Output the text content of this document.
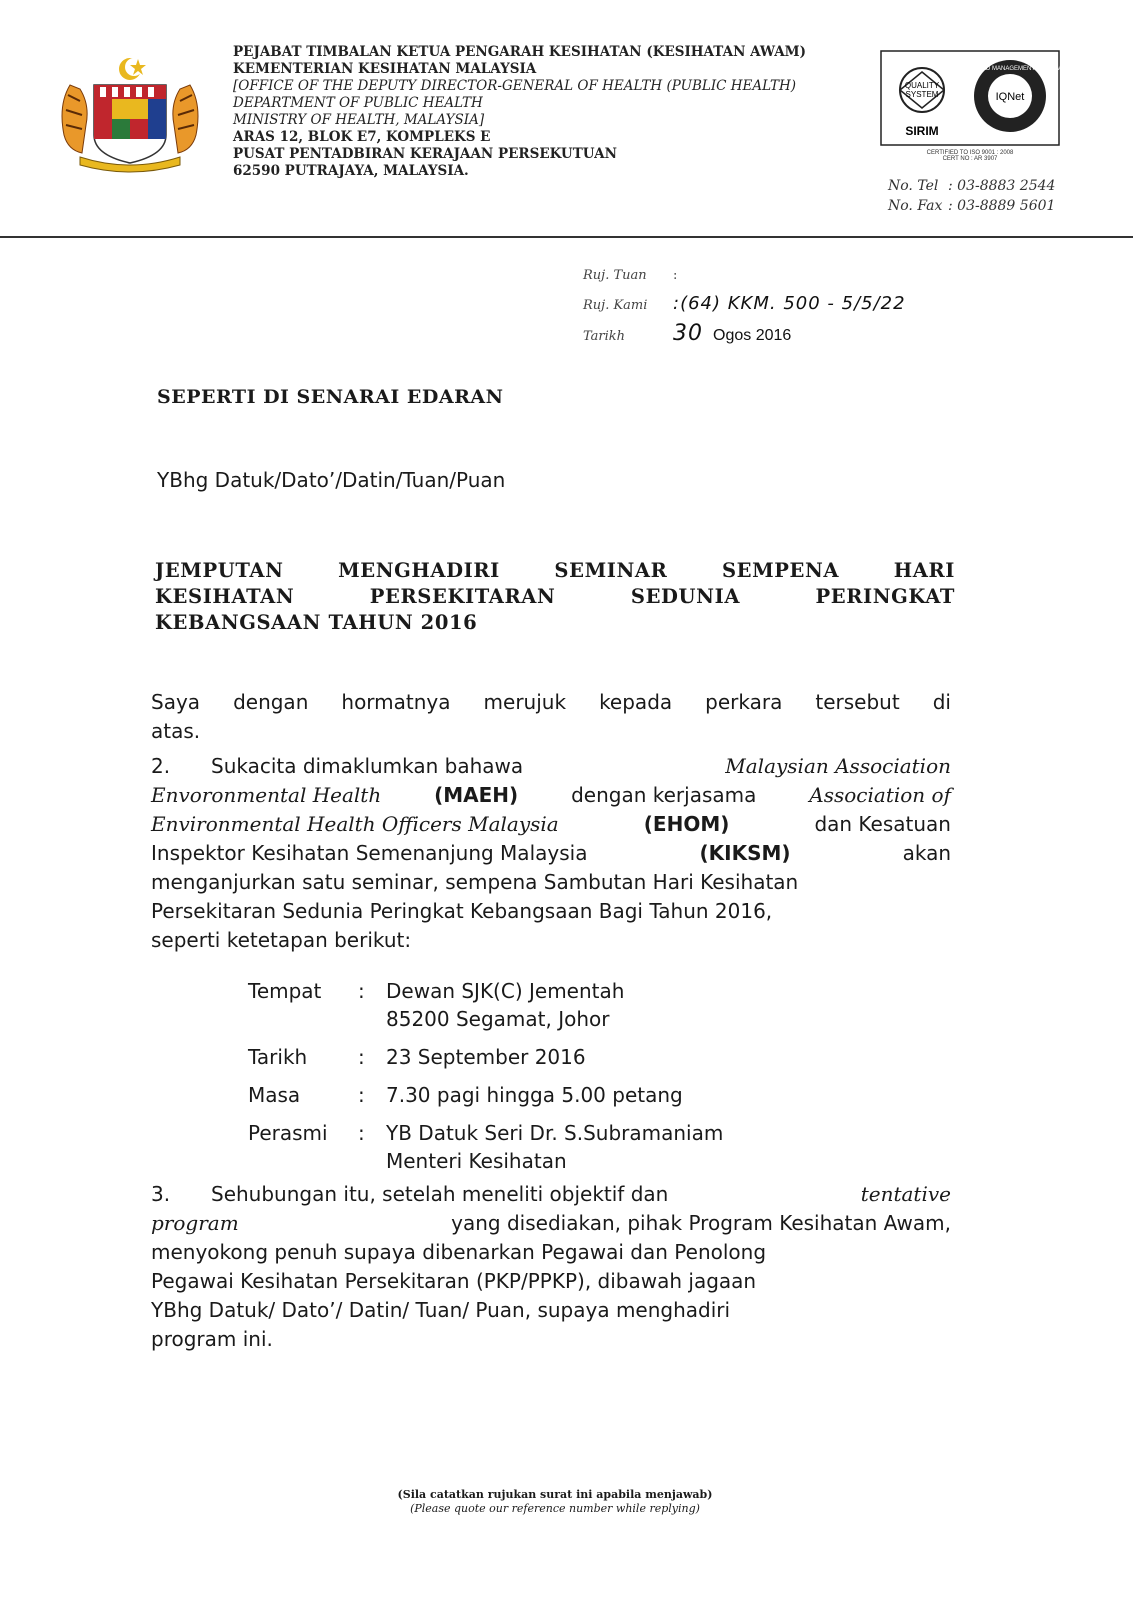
PEJABAT TIMBALAN KETUA PENGARAH KESIHATAN (KESIHATAN AWAM)
KEMENTERIAN KESIHATAN MALAYSIA
[OFFICE OF THE DEPUTY DIRECTOR-GENERAL OF HEALTH (PUBLIC HEALTH)
DEPARTMENT OF PUBLIC HEALTH
MINISTRY OF HEALTH, MALAYSIA]
ARAS 12, BLOK E7, KOMPLEKS E
PUSAT PENTADBIRAN KERAJAAN PERSEKUTUAN
62590 PUTRAJAYA, MALAYSIA.
QUALITY
SYSTEM
SIRIM
IQNet
CERTIFIED MANAGEMENT SYSTEM
CERTIFIED TO ISO 9001 : 2008
CERT NO : AR 3907
No. Tel : 03-8883 2544
No. Fax : 03-8889 5601
Ruj. Tuan :
Ruj. Kami :(64) KKM. 500 - 5/5/22
Tarikh 30 Ogos 2016
SEPERTI DI SENARAI EDARAN
YBhg Datuk/Dato’/Datin/Tuan/Puan
JEMPUTAN	MENGHADIRI	SEMINAR	SEMPENA	HARI
KESIHATAN	PERSEKITARAN	SEDUNIA	PERINGKAT
KEBANGSAAN TAHUN 2016
Saya dengan hormatnya merujuk kepada perkara tersebut di
atas.
2. Sukacita dimaklumkan bahawa	Malaysian Association
Envoronmental Health	(MAEH)	dengan kerjasama	Association of
Environmental Health Officers Malaysia	(EHOM)	dan Kesatuan
Inspektor Kesihatan Semenanjung Malaysia	(KIKSM)	akan
menganjurkan satu seminar, sempena Sambutan Hari Kesihatan
Persekitaran Sedunia Peringkat Kebangsaan Bagi Tahun 2016,
seperti ketetapan berikut:
Tempat	:	Dewan SJK(C) Jementah
85200 Segamat, Johor
Tarikh	:	23 September 2016
Masa	:	7.30 pagi hingga 5.00 petang
Perasmi	:	YB Datuk Seri Dr. S.Subramaniam
Menteri Kesihatan
3. Sehubungan itu, setelah meneliti objektif dan	tentative
program	yang disediakan, pihak Program Kesihatan Awam,
menyokong penuh supaya dibenarkan Pegawai dan Penolong
Pegawai Kesihatan Persekitaran (PKP/PPKP), dibawah jagaan
YBhg Datuk/ Dato’/ Datin/ Tuan/ Puan, supaya menghadiri
program ini.
(Sila catatkan rujukan surat ini apabila menjawab)
(Please quote our reference number while replying)
